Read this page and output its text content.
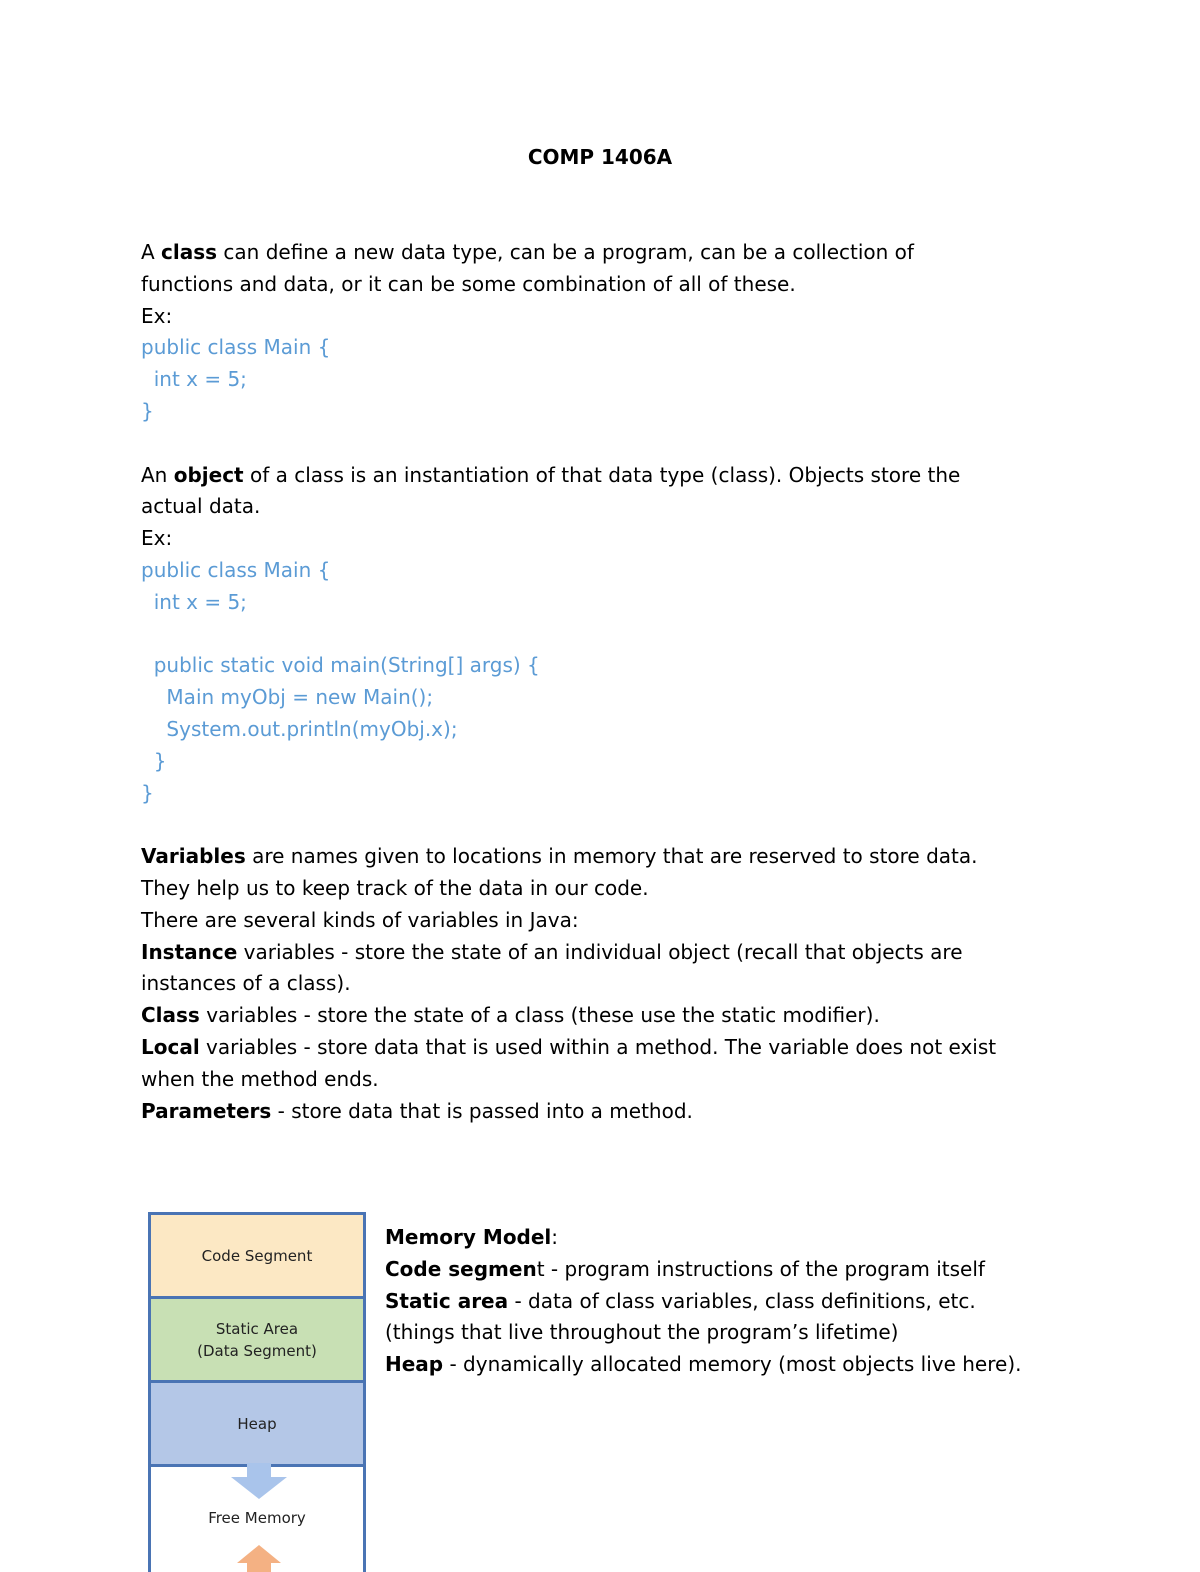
COMP 1406A
A class can define a new data type, can be a program, can be a collection of
functions and data, or it can be some combination of all of these.
Ex:
public class Main {
int x = 5;
}
An object of a class is an instantiation of that data type (class). Objects store the
actual data.
Ex:
public class Main {
int x = 5;
public static void main(String[] args) {
Main myObj = new Main();
System.out.println(myObj.x);
}
}
Variables are names given to locations in memory that are reserved to store data.
They help us to keep track of the data in our code.
There are several kinds of variables in Java:
Instance variables - store the state of an individual object (recall that objects are
instances of a class).
Class variables - store the state of a class (these use the static modifier).
Local variables - store data that is used within a method. The variable does not exist
when the method ends.
Parameters - store data that is passed into a method.
Code Segment
Static Area
(Data Segment)
Heap
Free Memory
Memory Model:
Code segment - program instructions of the program itself
Static area - data of class variables, class definitions, etc.
(things that live throughout the program’s lifetime)
Heap - dynamically allocated memory (most objects live here).
